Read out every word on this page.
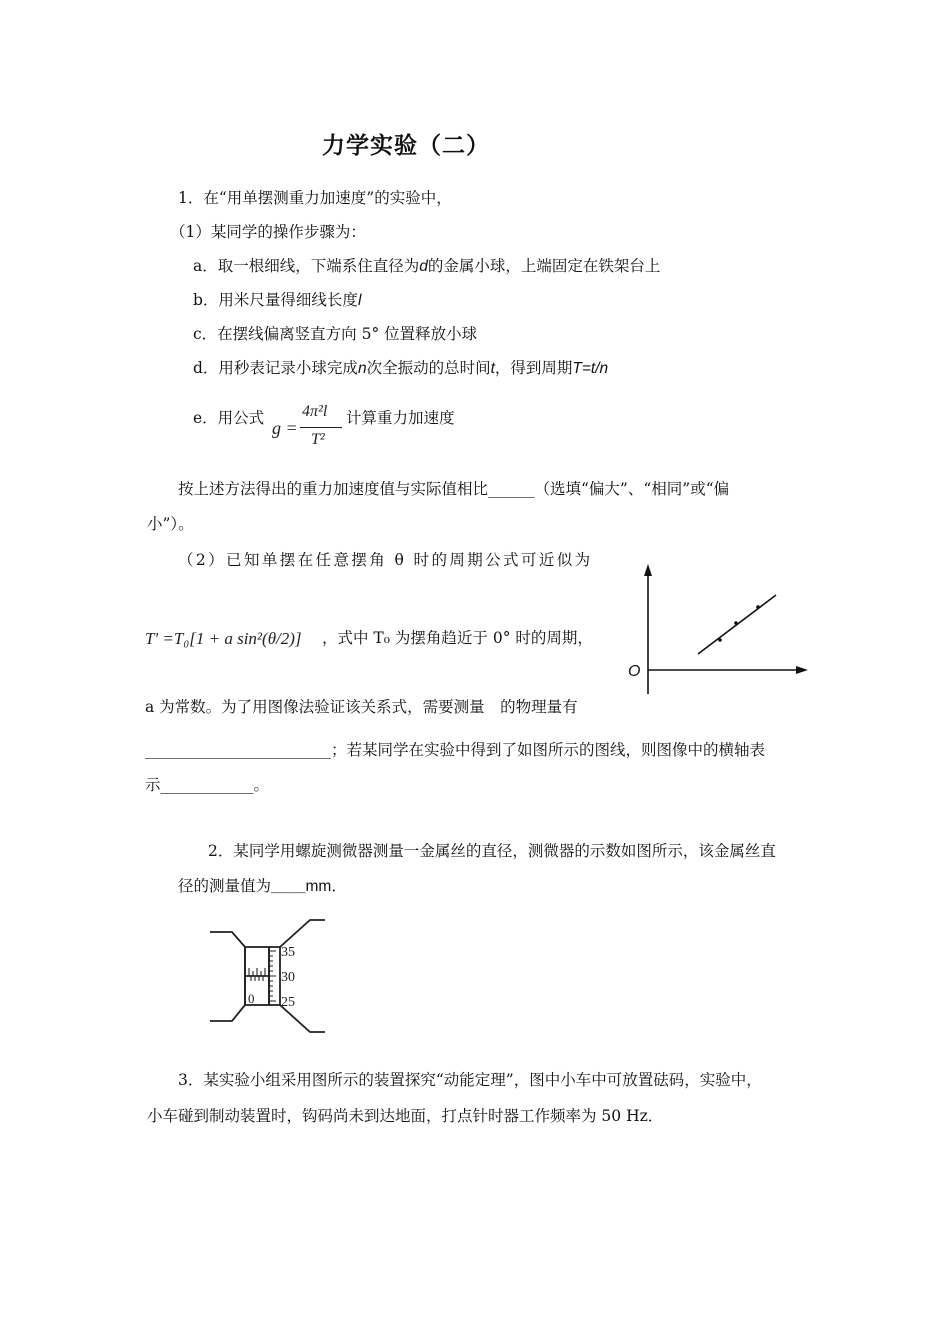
力学实验（二）
1．在“用单摆测重力加速度”的实验中，
（1）某同学的操作步骤为：
a．取一根细线，下端系住直径为d的金属小球，上端固定在铁架台上
b．用米尺量得细线长度l
c．在摆线偏离竖直方向 5° 位置释放小球
d．用秒表记录小球完成n次全振动的总时间t，得到周期T=t/n
e．用公式 g =
4π²l
T²
计算重力加速度
按上述方法得出的重力加速度值与实际值相比______（选填“偏大”、“相同”或“偏
小”）。
（2）已知单摆在任意摆角 θ 时的周期公式可近似为
T′ =T₀[1 + a sin²(θ/2)] ，式中 T₀ 为摆角趋近于 0° 时的周期，
a 为常数。为了用图像法验证该关系式，需要测量　的物理量有
________________________；若某同学在实验中得到了如图所示的图线，则图像中的横轴表
示____________。
O
2．某同学用螺旋测微器测量一金属丝的直径，测微器的示数如图所示，该金属丝直
径的测量值为____mm．
35
30
25
0
3．某实验小组采用图所示的装置探究“动能定理”，图中小车中可放置砝码，实验中，
小车碰到制动装置时，钩码尚未到达地面，打点针时器工作频率为 50 Hz．
